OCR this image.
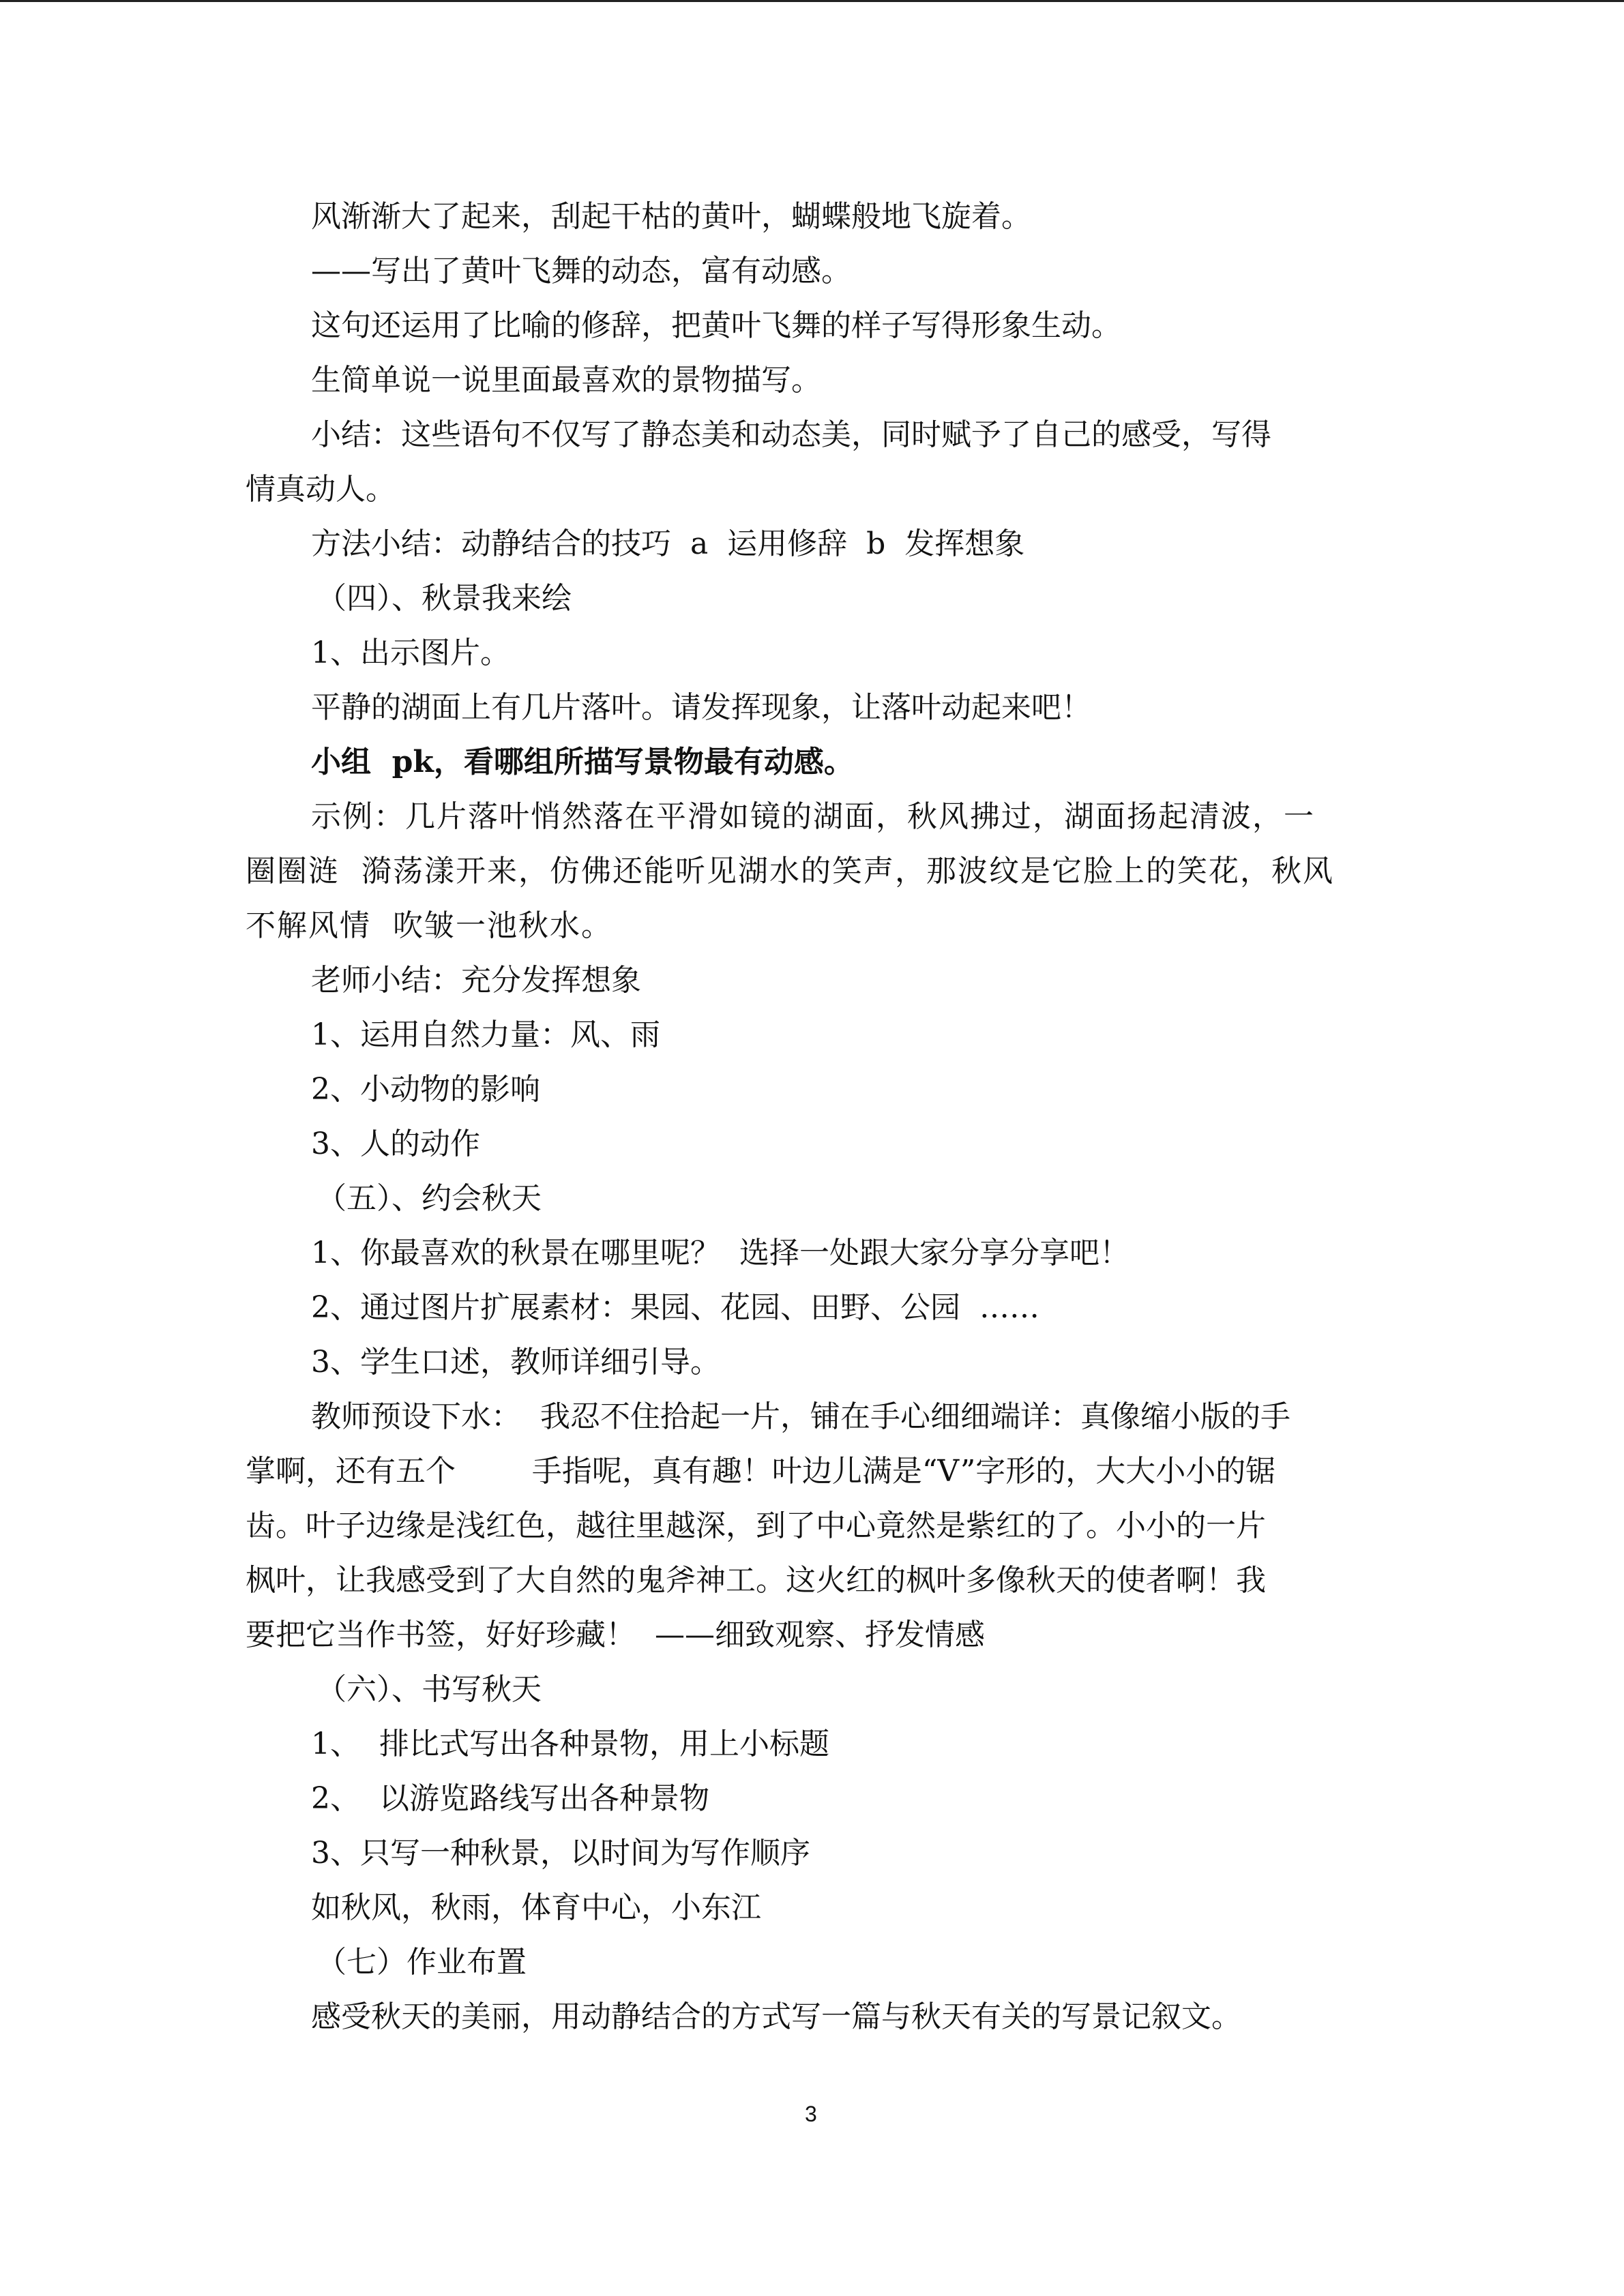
风渐渐大了起来，刮起干枯的黄叶，蝴蝶般地飞旋着。
——写出了黄叶飞舞的动态，富有动感。
这句还运用了比喻的修辞，把黄叶飞舞的样子写得形象生动。
生简单说一说里面最喜欢的景物描写。
小结：这些语句不仅写了静态美和动态美，同时赋予了自己的感受，写得
情真动人。
方法小结：动静结合的技巧  a  运用修辞  b  发挥想象
（四）、秋景我来绘
1、出示图片。
平静的湖面上有几片落叶。请发挥现象，让落叶动起来吧！
小组  pk，看哪组所描写景物最有动感。
示例：几片落叶悄然落在平滑如镜的湖面，秋风拂过，湖面扬起清波，一
圈圈涟  漪荡漾开来，仿佛还能听见湖水的笑声，那波纹是它脸上的笑花，秋风
不解风情  吹皱一池秋水。
老师小结：充分发挥想象
1、运用自然力量：风、雨
2、小动物的影响
3、人的动作
（五）、约会秋天
1、你最喜欢的秋景在哪里呢？  选择一处跟大家分享分享吧！
2、通过图片扩展素材：果园、花园、田野、公园  ……
3、学生口述，教师详细引导。
教师预设下水：  我忍不住拾起一片，铺在手心细细端详：真像缩小版的手
掌啊，还有五个        手指呢，真有趣！叶边儿满是“V”字形的，大大小小的锯
齿。叶子边缘是浅红色，越往里越深，到了中心竟然是紫红的了。小小的一片
枫叶，让我感受到了大自然的鬼斧神工。这火红的枫叶多像秋天的使者啊！我
要把它当作书签，好好珍藏！  ——细致观察、抒发情感
（六）、书写秋天
1、  排比式写出各种景物，用上小标题
2、  以游览路线写出各种景物
3、只写一种秋景，以时间为写作顺序
如秋风，秋雨，体育中心，小东江
（七）作业布置
感受秋天的美丽，用动静结合的方式写一篇与秋天有关的写景记叙文。
3
